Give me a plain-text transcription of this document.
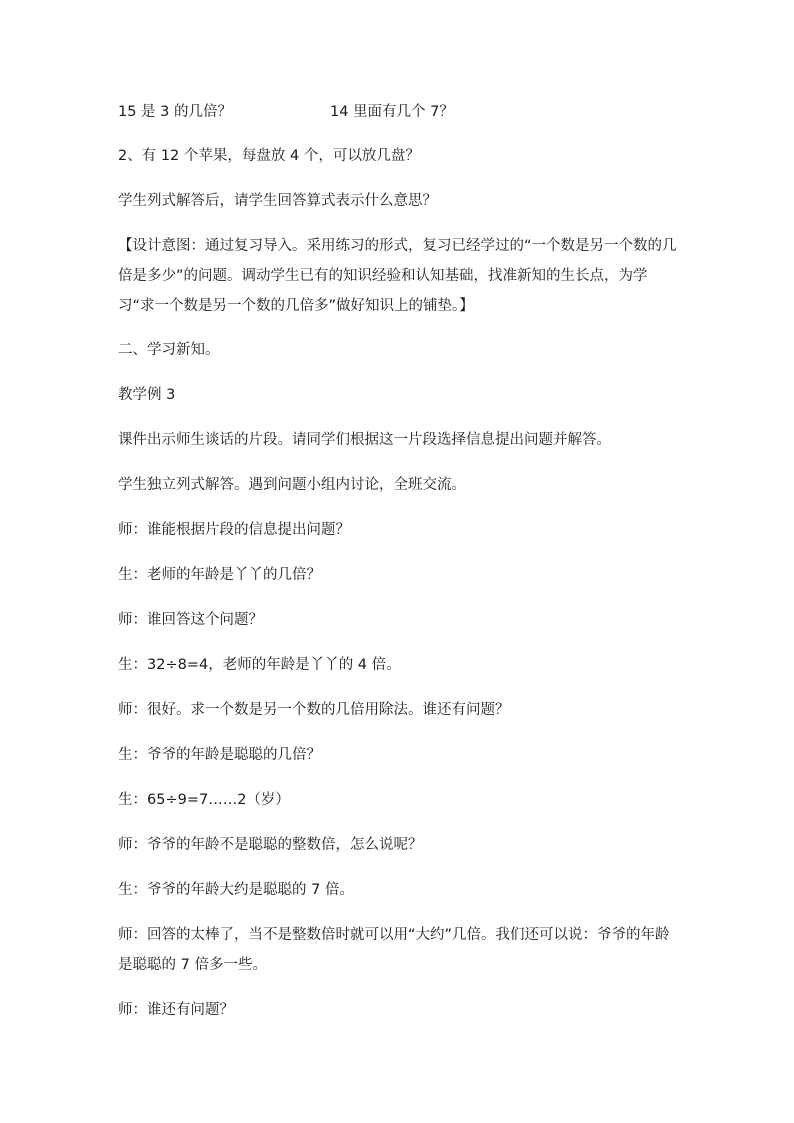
15 是 3 的几倍？	14 里面有几个 7？
2、有 12 个苹果，每盘放 4 个，可以放几盘？
学生列式解答后，请学生回答算式表示什么意思？
【设计意图：通过复习导入。采用练习的形式，复习已经学过的“一个数是另一个数的几倍是多少”的问题。调动学生已有的知识经验和认知基础，找准新知的生长点，为学习“求一个数是另一个数的几倍多”做好知识上的铺垫。】
二、学习新知。
教学例 3
课件出示师生谈话的片段。请同学们根据这一片段选择信息提出问题并解答。
学生独立列式解答。遇到问题小组内讨论，全班交流。
师：谁能根据片段的信息提出问题？
生：老师的年龄是丫丫的几倍？
师：谁回答这个问题？
生：32÷8=4，老师的年龄是丫丫的 4 倍。
师：很好。求一个数是另一个数的几倍用除法。谁还有问题？
生：爷爷的年龄是聪聪的几倍？
生：65÷9=7……2（岁）
师：爷爷的年龄不是聪聪的整数倍，怎么说呢？
生：爷爷的年龄大约是聪聪的 7 倍。
师：回答的太棒了，当不是整数倍时就可以用“大约”几倍。我们还可以说：爷爷的年龄是聪聪的 7 倍多一些。
师：谁还有问题？
